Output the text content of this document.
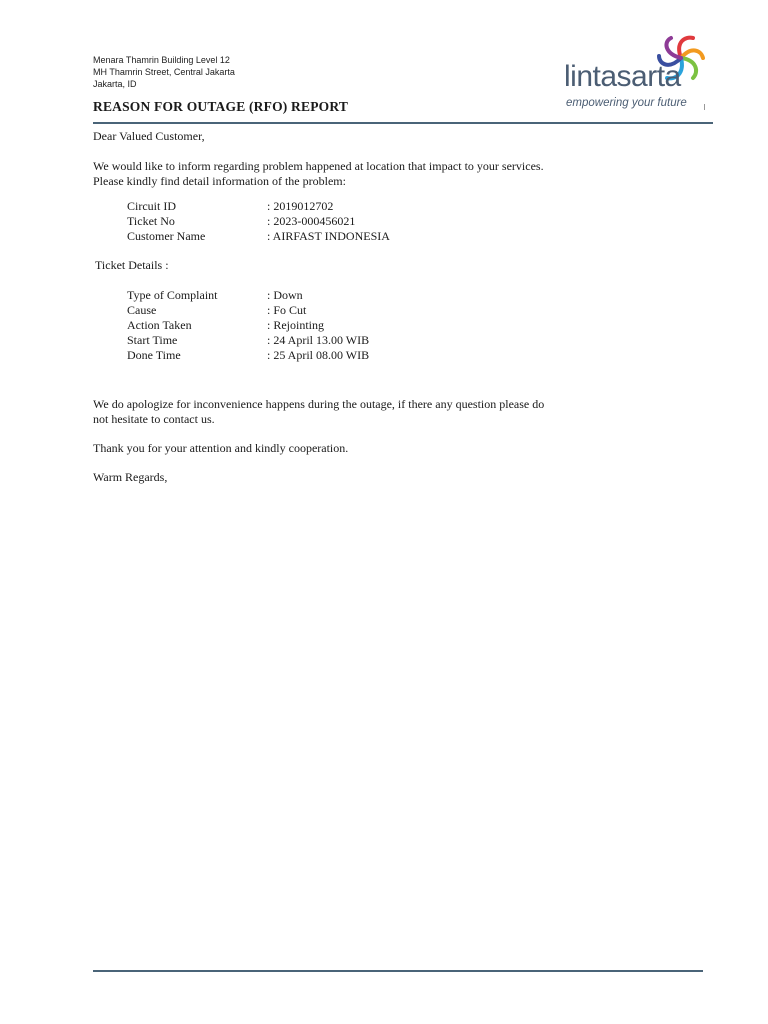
Menara Thamrin Building Level 12
MH Thamrin Street, Central Jakarta
Jakarta, ID	lintasarta
empowering your future
REASON FOR OUTAGE (RFO) REPORT
Dear Valued Customer,
We would like to inform regarding problem happened at location that impact to your services.
Please kindly find detail information of the problem:
Circuit ID	: 2019012702
Ticket No	: 2023-000456021
Customer Name	: AIRFAST INDONESIA
Ticket Details :
Type of Complaint	: Down
Cause	: Fo Cut
Action Taken	: Rejointing
Start Time	: 24 April 13.00 WIB
Done Time	: 25 April 08.00 WIB
We do apologize for inconvenience happens during the outage, if there any question please do
not hesitate to contact us.
Thank you for your attention and kindly cooperation.
Warm Regards,
